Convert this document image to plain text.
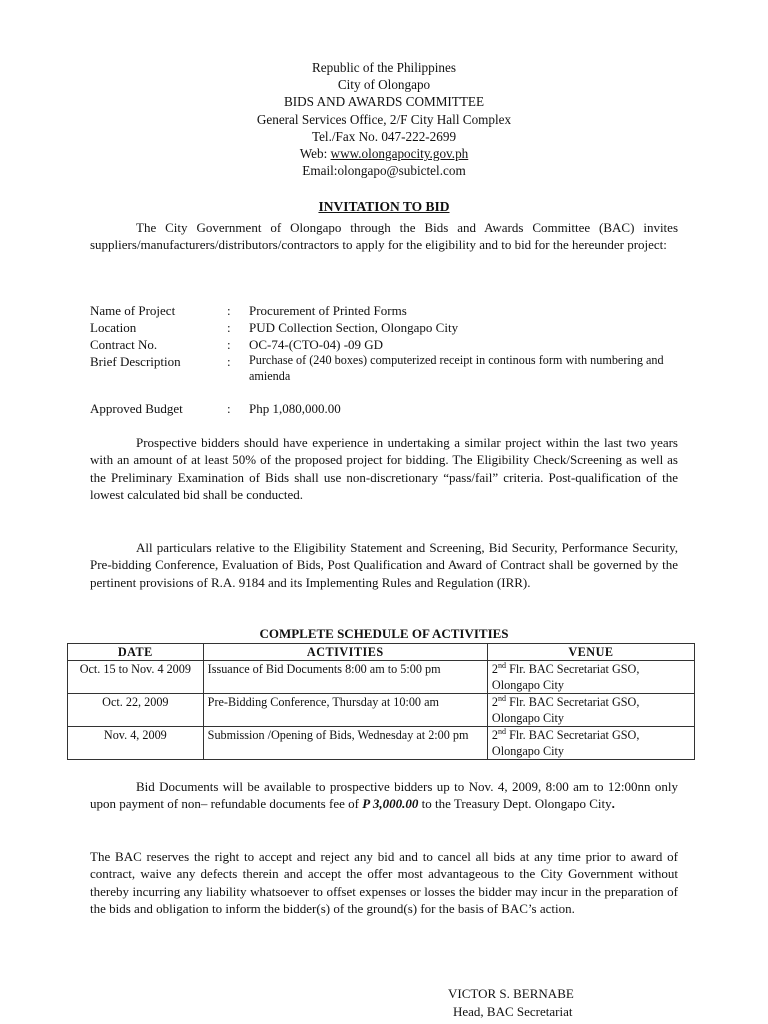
Republic of the Philippines
City of Olongapo
BIDS AND AWARDS COMMITTEE
General Services Office, 2/F City Hall Complex
Tel./Fax No. 047-222-2699
Web: www.olongapocity.gov.ph
Email:olongapo@subictel.com
INVITATION TO BID

The City Government of Olongapo through the Bids and Awards Committee (BAC) invites suppliers/manufacturers/distributors/contractors to apply for the eligibility and to bid for the hereunder project:

Name of Project	:	Procurement of Printed Forms
Location	:	PUD Collection Section, Olongapo City
Contract No.	:	OC-74-(CTO-04) -09 GD
Brief Description	:	Purchase of (240 boxes) computerized receipt in continous form with numbering and amienda
Approved Budget	:	Php 1,080,000.00

Prospective bidders should have experience in undertaking a similar project within the last two years with an amount of at least 50% of the proposed project for bidding. The Eligibility Check/Screening as well as the Preliminary Examination of Bids shall use non-discretionary “pass/fail” criteria. Post-qualification of the lowest calculated bid shall be conducted.

All particulars relative to the Eligibility Statement and Screening, Bid Security, Performance Security, Pre-bidding Conference, Evaluation of Bids, Post Qualification and Award of Contract shall be governed by the pertinent provisions of R.A. 9184 and its Implementing Rules and Regulation (IRR).

COMPLETE SCHEDULE OF ACTIVITIES
DATE	ACTIVITIES	VENUE
Oct. 15 to Nov. 4 2009	Issuance of Bid Documents 8:00 am to 5:00 pm	2nd Flr. BAC Secretariat GSO, Olongapo City
Oct. 22, 2009	Pre-Bidding Conference, Thursday at 10:00 am	2nd Flr. BAC Secretariat GSO, Olongapo City
Nov. 4, 2009	Submission /Opening of Bids, Wednesday at 2:00 pm	2nd Flr. BAC Secretariat GSO, Olongapo City

Bid Documents will be available to prospective bidders up to Nov. 4, 2009, 8:00 am to 12:00nn only upon payment of non– refundable documents fee of P 3,000.00 to the Treasury Dept. Olongapo City.

The BAC reserves the right to accept and reject any bid and to cancel all bids at any time prior to award of contract, waive any defects therein and accept the offer most advantageous to the City Government without thereby incurring any liability whatsoever to offset expenses or losses the bidder may incur in the preparation of the bids and obligation to inform the bidder(s) of the ground(s) for the basis of BAC’s action.

VICTOR S. BERNABE
Head, BAC Secretariat
